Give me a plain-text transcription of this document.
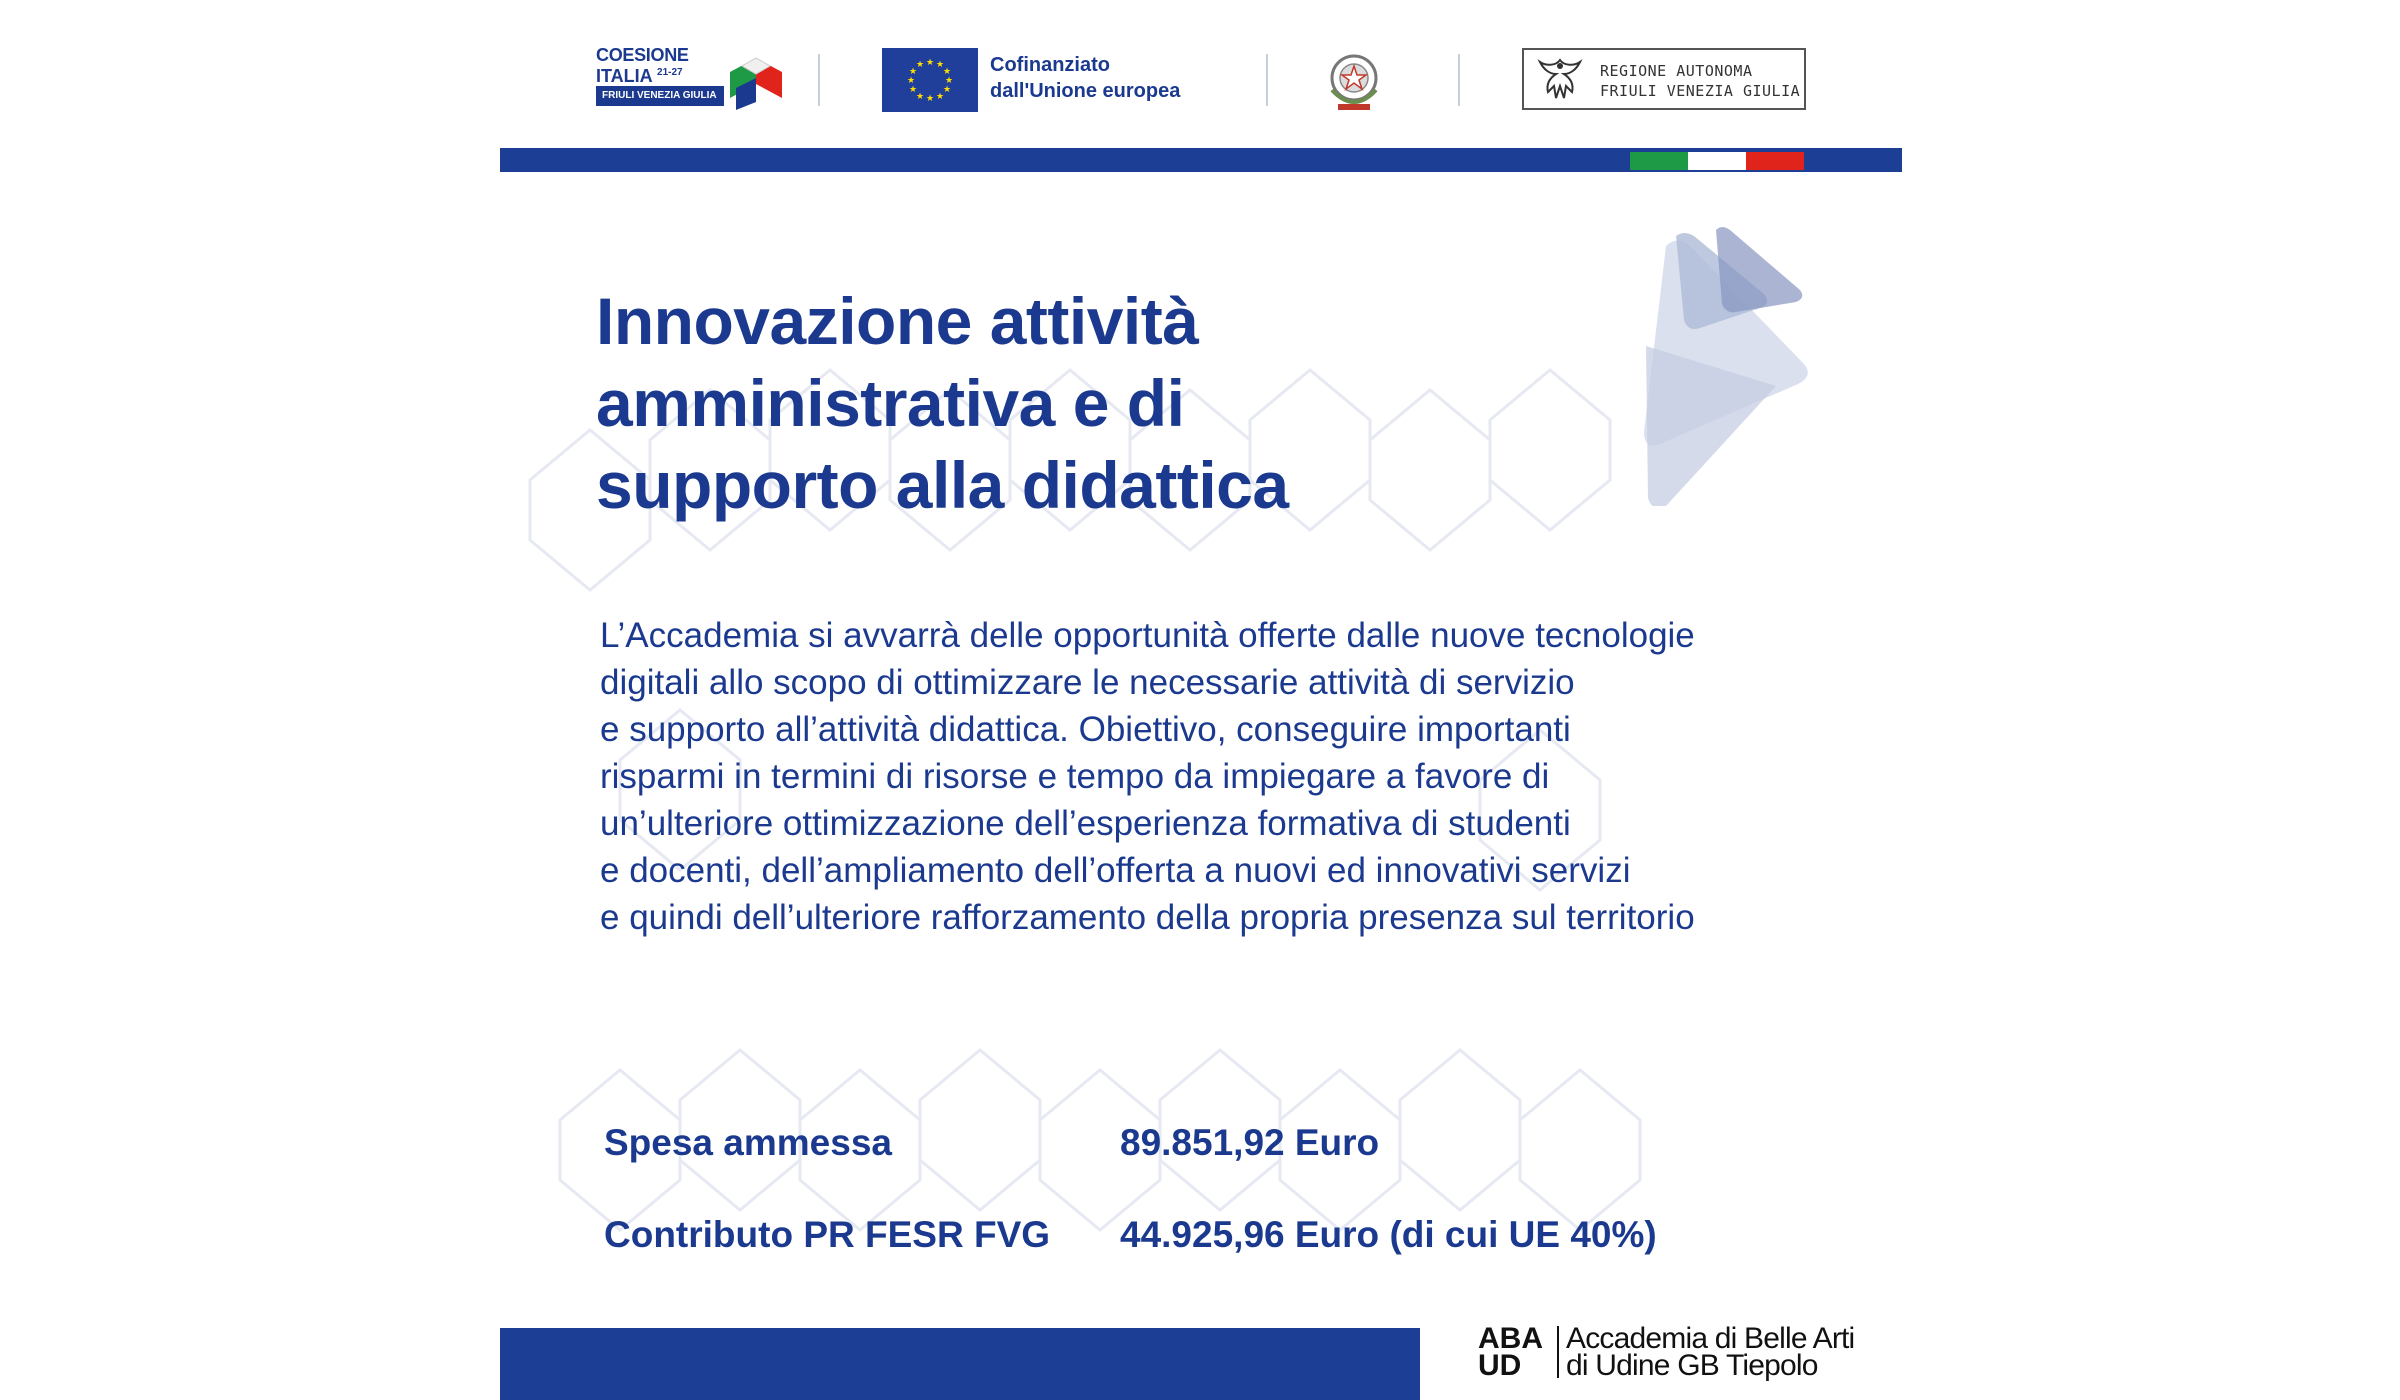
COESIONE
ITALIA $^{21-27}$
FRIULI VENEZIA GIULIA
★ ★
★
★
★
★
★
★
★
★
★
★	Cofinanziato
dall'Unione europea
REGIONE AUTONOMA
FRIULI VENEZIA GIULIA
Innovazione attività
amministrativa e di
supporto alla didattica
L’Accademia si avvarrà delle opportunità offerte dalle nuove tecnologie
digitali allo scopo di ottimizzare le necessarie attività di servizio
e supporto all’attività didattica. Obiettivo, conseguire importanti
risparmi in termini di risorse e tempo da impiegare a favore di
un’ulteriore ottimizzazione dell’esperienza formativa di studenti
e docenti, dell’ampliamento dell’offerta a nuovi ed innovativi servizi
e quindi dell’ulteriore rafforzamento della propria presenza sul territorio
Spesa ammessa	89.851,92 Euro
Contributo PR FESR FVG 44.925,96 Euro (di cui UE 40%)
ABA
UD
Accademia di Belle Arti
di Udine GB Tiepolo
